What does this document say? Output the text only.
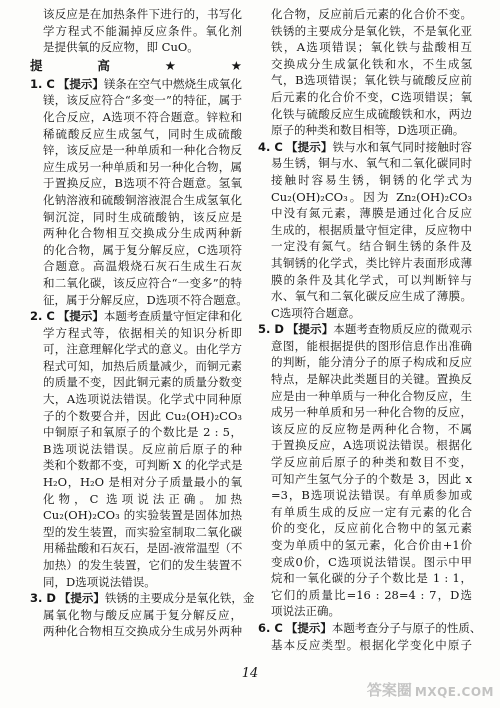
该反应是在加热条件下进行的，书写化
学方程式不能漏掉反应条件。氧化剂
是提供氧的反应物，即 CuO。
提高★★
1. C 【提示】镁条在空气中燃烧生成氧化
镁，该反应符合“多变一”的特征，属于
化合反应，A选项不符合题意。锌粒和
稀硫酸反应生成氢气，同时生成硫酸
锌，该反应是一种单质和一种化合物反
应生成另一种单质和另一种化合物，属
于置换反应，B选项不符合题意。氢氧
化钠溶液和硫酸铜溶液混合生成氢氧化
铜沉淀，同时生成硫酸钠，该反应是
两种化合物相互交换成分生成两种新
的化合物，属于复分解反应，C选项符
合题意。高温煅烧石灰石生成生石灰
和二氧化碳，该反应符合“一变多”的特
征，属于分解反应，D选项不符合题意。
2. C 【提示】本题考查质量守恒定律和化
学方程式等，依据相关的知识分析即
可，注意理解化学式的意义。由化学方
程式可知，加热后质量减少，而铜元素
的质量不变，因此铜元素的质量分数变
大，A选项说法错误。化学式中同种原
子的个数要合并，因此 Cu₂(OH)₂CO₃
中铜原子和氧原子的个数比是 2 : 5，
B选项说法错误。反应前后原子的种
类和个数都不变，可判断 X 的化学式是
H₂O，H₂O 是相对分子质量最小的氧
化物，C 选项说法正确。加热
Cu₂(OH)₂CO₃ 的实验装置是固体加热
型的发生装置，而实验室制取二氧化碳
用稀盐酸和石灰石，是固-液常温型（不
加热）的发生装置，它们的发生装置不
同，D选项说法错误。
3. D 【提示】铁锈的主要成分是氧化铁，金
属氧化物与酸反应属于复分解反应，
两种化合物相互交换成分生成另外两种
化合物，反应前后元素的化合价不变。
铁锈的主要成分是氧化铁，不是氧化亚
铁，A选项错误；氧化铁与盐酸相互
交换成分生成氯化铁和水，不生成氢
气，B选项错误；氧化铁与硫酸反应前
后元素的化合价不变，C选项错误；氧
化铁与硫酸反应生成硫酸铁和水，两边
原子的种类和数目相等，D选项正确。
4. C 【提示】铁与水和氧气同时接触时容
易生锈，铜与水、氧气和二氧化碳同时
接触时容易生锈，铜锈的化学式为
Cu₂(OH)₂CO₃。因为 Zn₂(OH)₂CO₃
中没有氮元素，薄膜是通过化合反应
生成的，根据质量守恒定律，反应物中
一定没有氮气。结合铜生锈的条件及
其铜锈的化学式，类比锌片表面形成薄
膜的条件及其化学式，可以判断锌与
水、氧气和二氧化碳反应生成了薄膜。
C选项符合题意。
5. D 【提示】本题考查物质反应的微观示
意图，能根据提供的图形信息作出准确
的判断，能分清分子的原子构成和反应
特点，是解决此类题目的关键。置换反
应是由一种单质与一种化合物反应，生
成另一种单质和另一种化合物的反应，
该反应的反应物是两种化合物，不属
于置换反应，A选项说法错误。根据化
学反应前后原子的种类和数目不变，
可知产生氢气分子的个数是 3，因此 x
=3，B选项说法错误。有单质参加或
有单质生成的反应一定有元素的化合
价的变化，反应前化合物中的氢元素
变为单质中的氢元素，化合价由+1价
变成0价，C选项说法错误。图示中甲
烷和一氧化碳的分子个数比是 1 : 1，
它们的质量比=16 : 28=4 : 7，D选
项说法正确。
6. C 【提示】本题考查分子与原子的性质、
基本反应类型。根据化学变化中原子
14
答案圈 MXQE.COM
